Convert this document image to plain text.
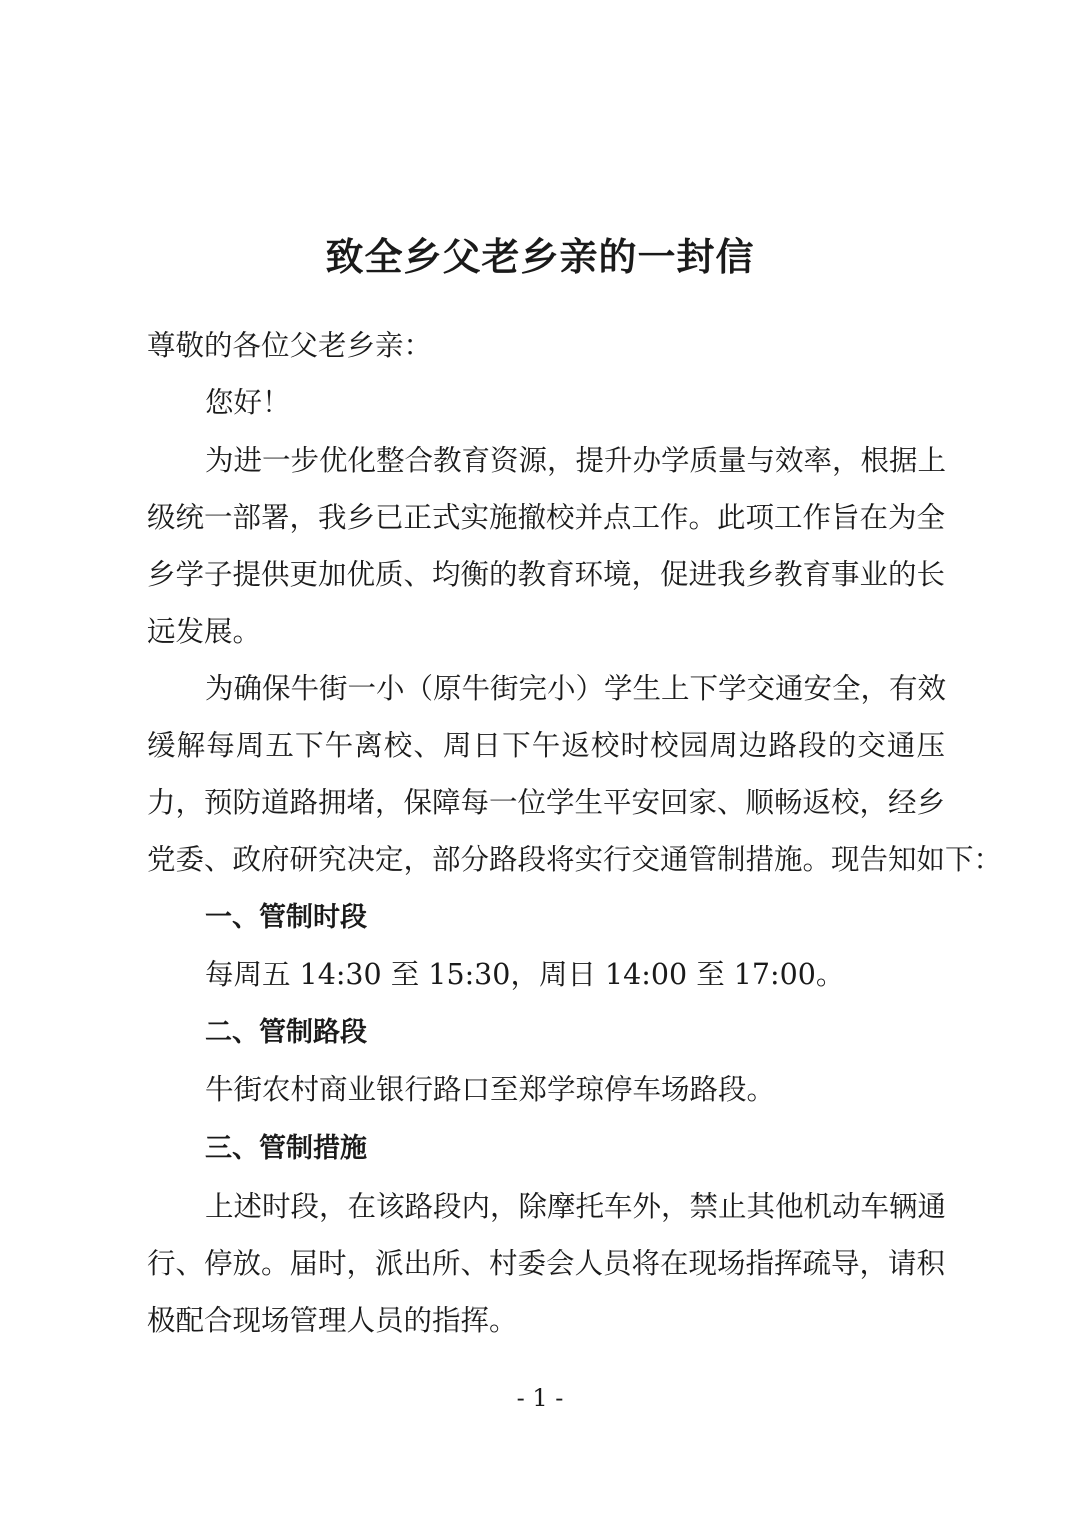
致全乡父老乡亲的一封信

尊敬的各位父老乡亲：

您好！

为进一步优化整合教育资源，提升办学质量与效率，根据上

级统一部署，我乡已正式实施撤校并点工作。此项工作旨在为全

乡学子提供更加优质、均衡的教育环境，促进我乡教育事业的长

远发展。

为确保牛街一小（原牛街完小）学生上下学交通安全，有效

缓解每周五下午离校、周日下午返校时校园周边路段的交通压

力，预防道路拥堵，保障每一位学生平安回家、顺畅返校，经乡

党委、政府研究决定，部分路段将实行交通管制措施。现告知如下：

一、管制时段

每周五 14:30 至 15:30，周日 14:00 至 17:00。

二、管制路段

牛街农村商业银行路口至郑学琼停车场路段。

三、管制措施

上述时段，在该路段内，除摩托车外，禁止其他机动车辆通

行、停放。届时，派出所、村委会人员将在现场指挥疏导，请积

极配合现场管理人员的指挥。

- 1 -
